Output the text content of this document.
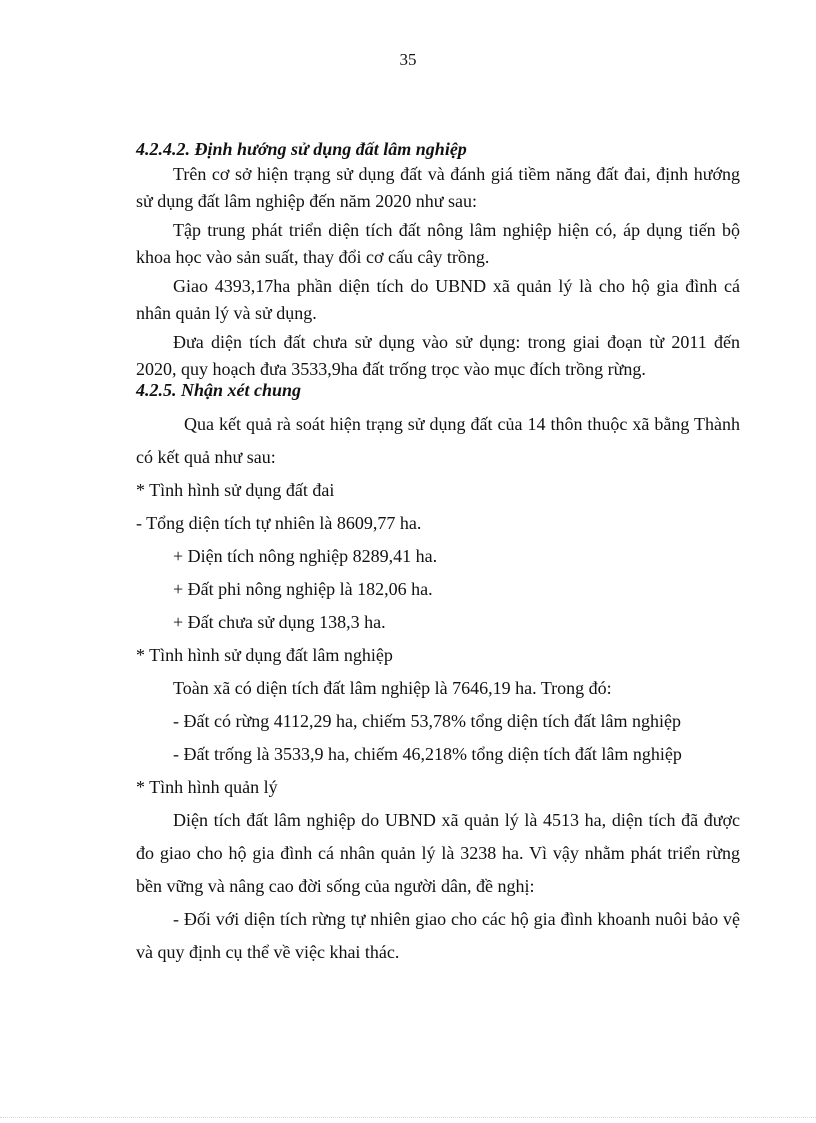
35
4.2.4.2. Định hướng sử dụng đất lâm nghiệp

Trên cơ sở hiện trạng sử dụng đất và đánh giá tiềm năng đất đai, định hướng sử dụng đất lâm nghiệp đến năm 2020 như sau:

Tập trung phát triển diện tích đất nông lâm nghiệp hiện có, áp dụng tiến bộ khoa học vào sản suất, thay đổi cơ cấu cây trồng.

Giao 4393,17ha phần diện tích do UBND xã quản lý là cho hộ gia đình cá nhân quản lý và sử dụng.

Đưa diện tích đất chưa sử dụng vào sử dụng: trong giai đoạn từ 2011 đến 2020, quy hoạch đưa 3533,9ha đất trống trọc vào mục đích trồng rừng.

4.2.5. Nhận xét chung

Qua kết quả rà soát hiện trạng sử dụng đất của 14 thôn thuộc xã bằng Thành có kết quả như sau:

* Tình hình sử dụng đất đai
- Tổng diện tích tự nhiên là 8609,77 ha.
+ Diện tích nông nghiệp 8289,41 ha.
+ Đất phi nông nghiệp là 182,06 ha.
+ Đất chưa sử dụng 138,3 ha.
* Tình hình sử dụng đất lâm nghiệp
Toàn xã có diện tích đất lâm nghiệp là 7646,19 ha. Trong đó:
- Đất có rừng 4112,29 ha, chiếm 53,78% tổng diện tích đất lâm nghiệp
- Đất trống là 3533,9 ha, chiếm 46,218% tổng diện tích đất lâm nghiệp
* Tình hình quản lý

Diện tích đất lâm nghiệp do UBND xã quản lý là 4513 ha, diện tích đã được đo giao cho hộ gia đình cá nhân quản lý là 3238 ha. Vì vậy nhằm phát triển rừng bền vững và nâng cao đời sống của người dân, đề nghị:

- Đối với diện tích rừng tự nhiên giao cho các hộ gia đình khoanh nuôi bảo vệ và quy định cụ thể về việc khai thác.
